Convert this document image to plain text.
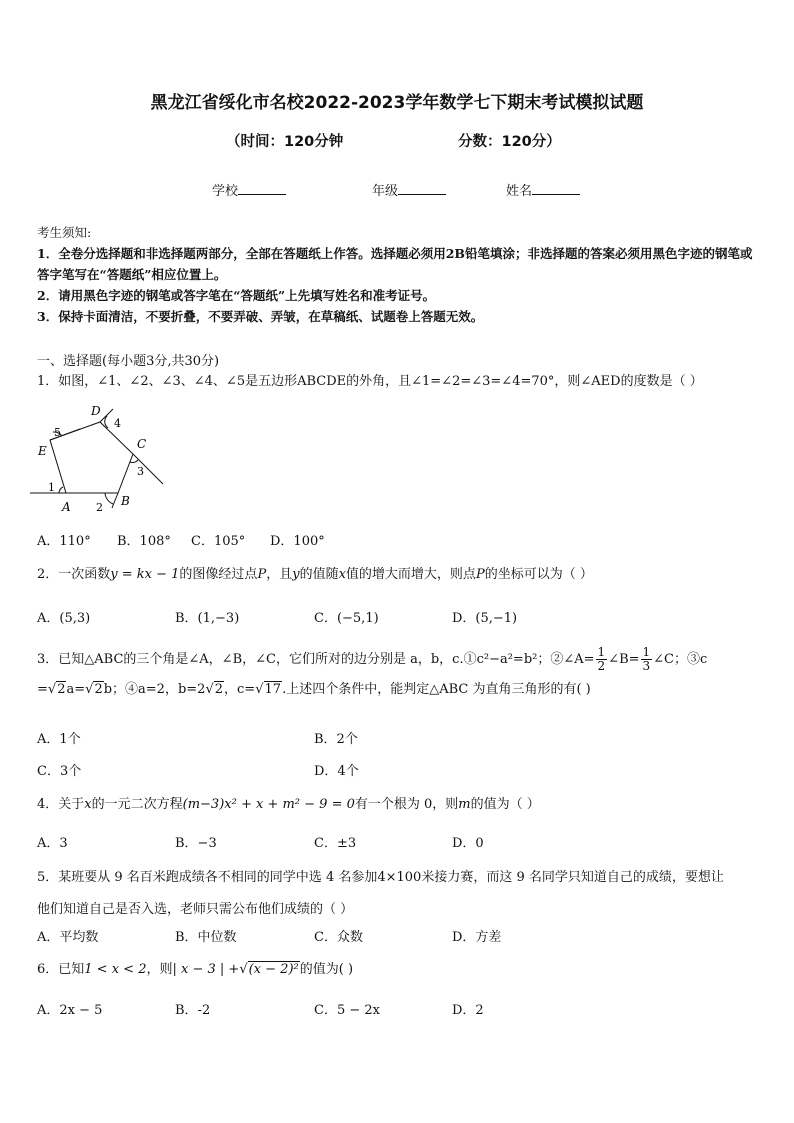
黑龙江省绥化市名校2022-2023学年数学七下期末考试模拟试题
（时间：120分钟	分数：120分）
学校	年级	姓名
考生须知:
1．全卷分选择题和非选择题两部分，全部在答题纸上作答。选择题必须用2B铅笔填涂；非选择题的答案必须用黑色字迹的钢笔或答字笔写在“答题纸”相应位置上。
2．请用黑色字迹的钢笔或答字笔在“答题纸”上先填写姓名和准考证号。
3．保持卡面清洁，不要折叠，不要弄破、弄皱，在草稿纸、试题卷上答题无效。
一、选择题(每小题3分,共30分)
1．如图，∠1、∠2、∠3、∠4、∠5是五边形ABCDE的外角，且∠1=∠2=∠3=∠4=70°，则∠AED的度数是（ ）
D
4
C
5
E
3
1
A 2 B
A．110° B．108° C．105° D．100°
2．一次函数y = kx − 1的图像经过点P，且y的值随x值的增大而增大，则点P的坐标可以为（ ）
A．(5,3)	B．(1,−3)	C．(−5,1)	D．(5,−1)
3．已知△ABC的三个角是∠A，∠B，∠C，它们所对的边分别是 a，b，c.①c²−a²=b²；②∠A= $\frac{1}{2}$ ∠B= $\frac{1}{3}$ ∠C；③c
=√2a=√2b；④a=2，b=2√2，c=√17.上述四个条件中，能判定△ABC 为直角三角形的有( )
A．1个	B．2个
C．3个	D．4个
4．关于x的一元二次方程(m−3)x² + x + m² − 9 = 0有一个根为 0，则m的值为（ ）
A．3	B．−3	C．±3	D．0
5．某班要从 9 名百米跑成绩各不相同的同学中选 4 名参加4×100米接力赛，而这 9 名同学只知道自己的成绩，要想让
他们知道自己是否入选，老师只需公布他们成绩的（ ）
A．平均数	B．中位数	C．众数	D．方差
6．已知1 < x < 2，则| x − 3 | +√(x − 2)²的值为( )
A．2x − 5	B．-2	C．5 − 2x	D．2
